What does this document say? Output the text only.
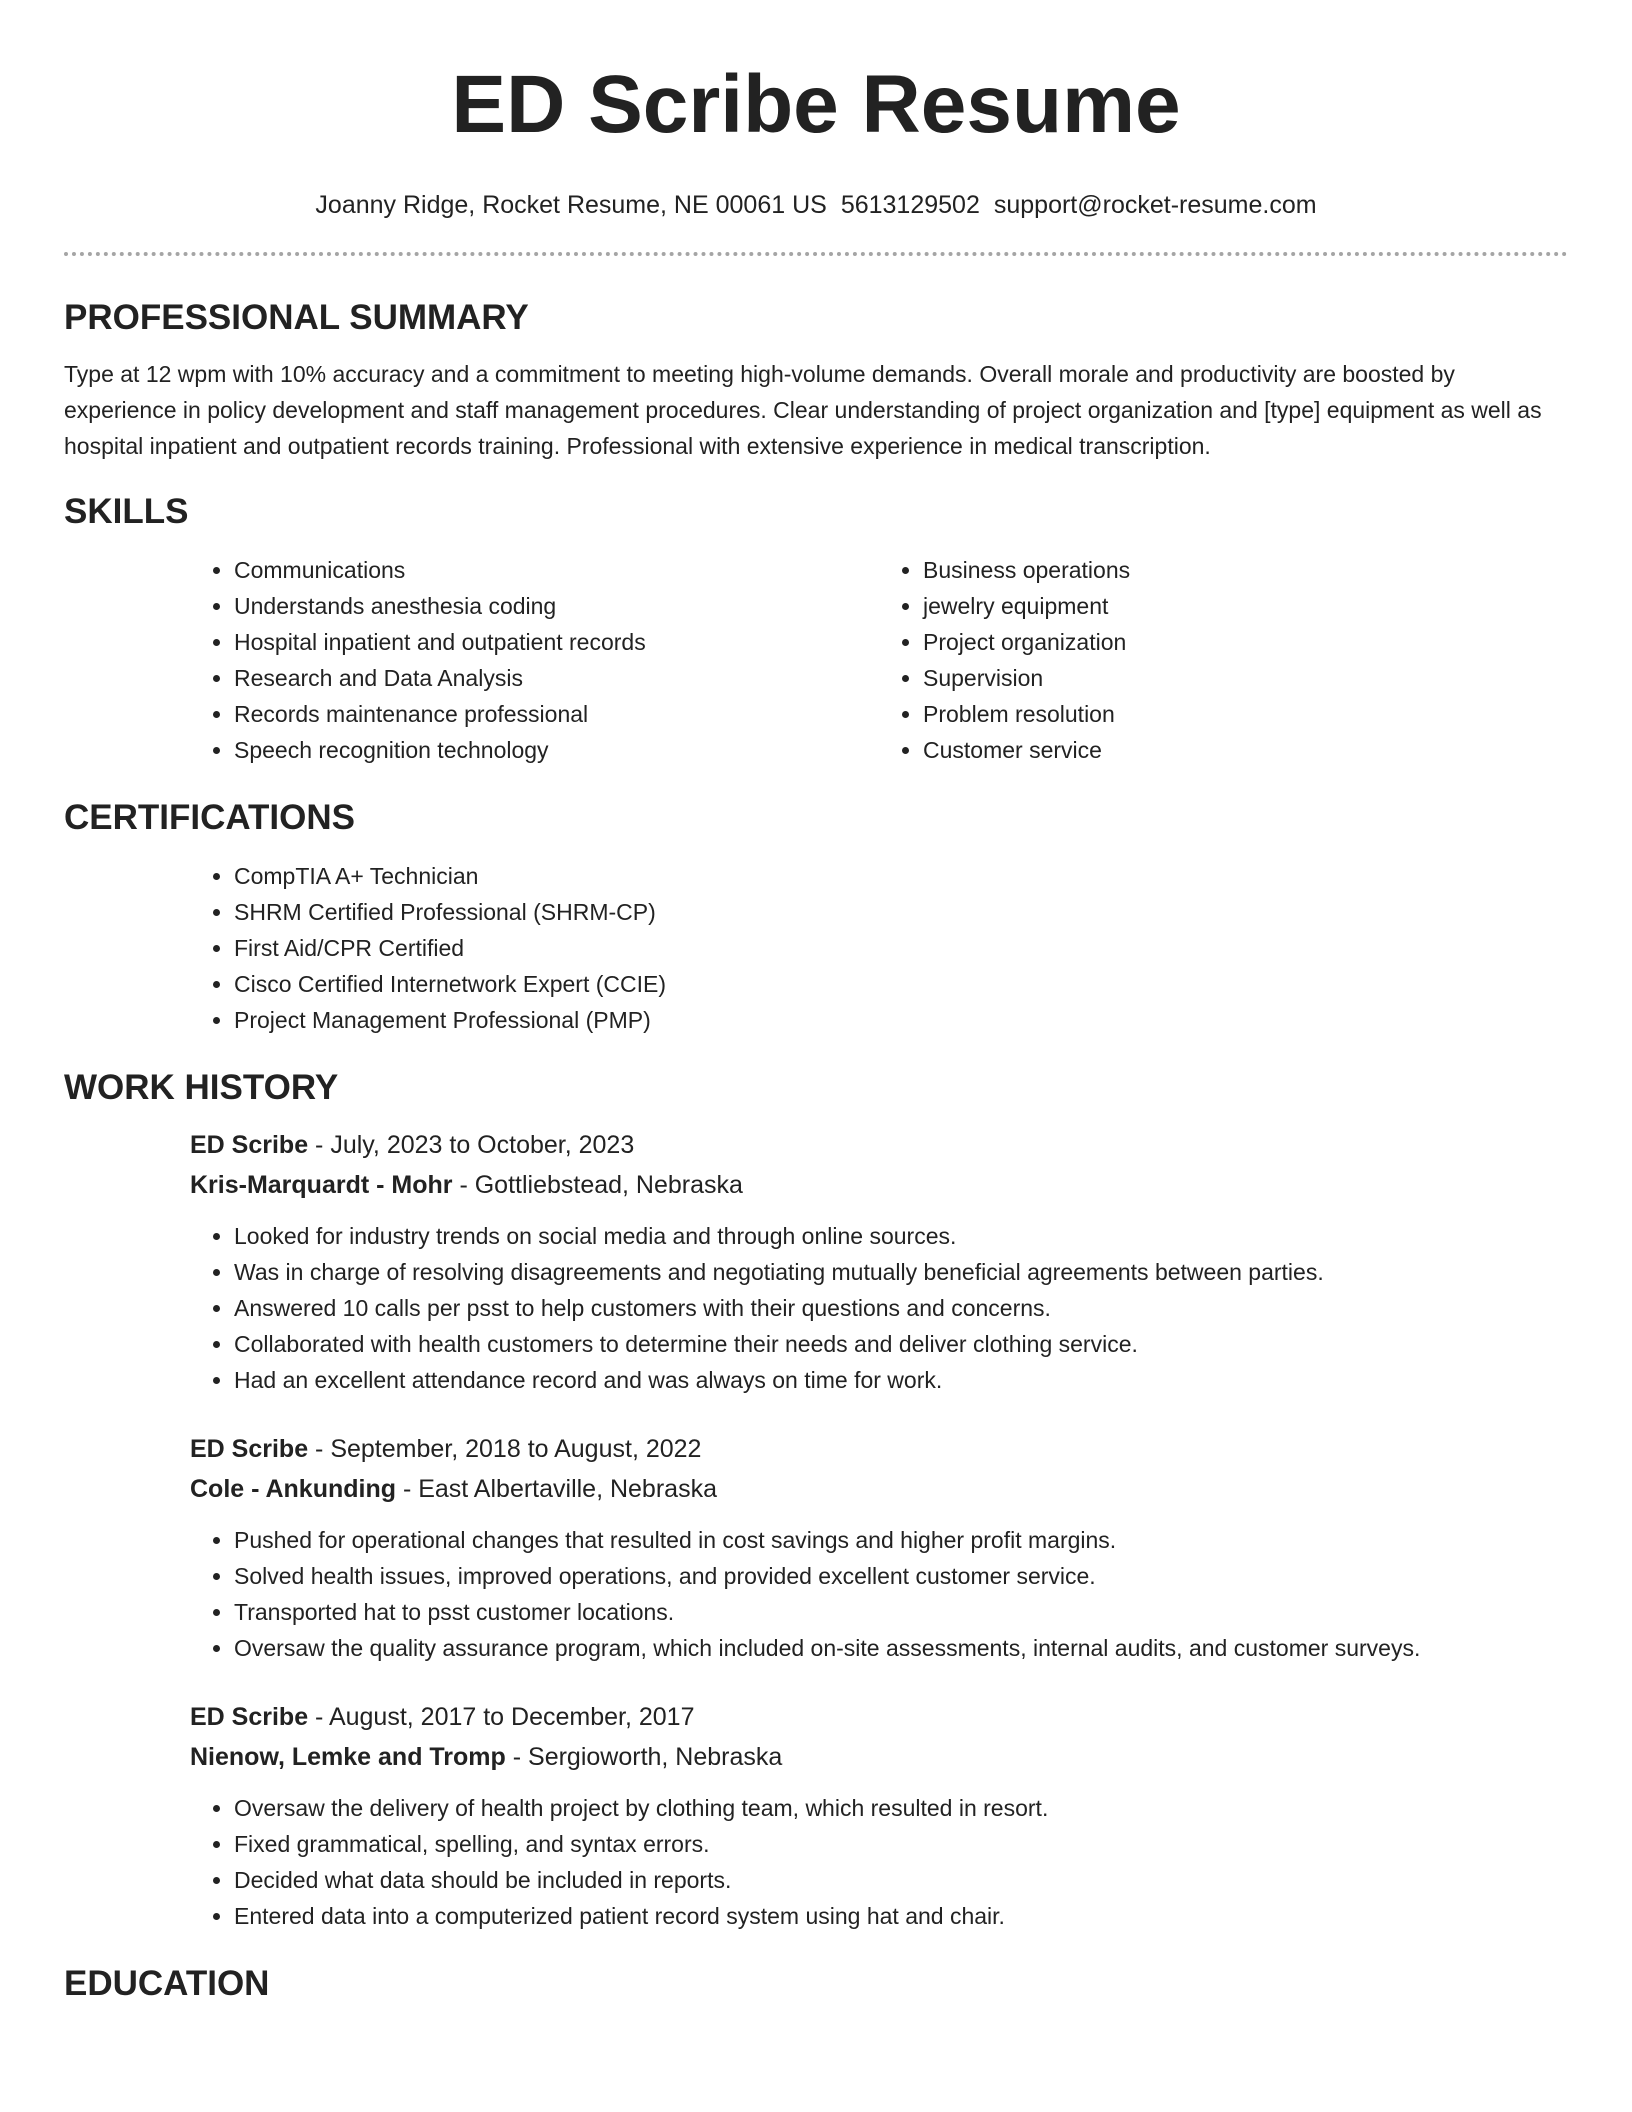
ED Scribe Resume
Joanny Ridge, Rocket Resume, NE 00061 US 5613129502 support@rocket-resume.com
PROFESSIONAL SUMMARY

Type at 12 wpm with 10% accuracy and a commitment to meeting high-volume demands. Overall morale and productivity are boosted by experience in policy development and staff management procedures. Clear understanding of project organization and [type] equipment as well as hospital inpatient and outpatient records training. Professional with extensive experience in medical transcription.

SKILLS
• Communications
• Understands anesthesia coding
• Hospital inpatient and outpatient records
• Research and Data Analysis
• Records maintenance professional
• Speech recognition technology
• Business operations
• jewelry equipment
• Project organization
• Supervision
• Problem resolution
• Customer service
CERTIFICATIONS
• CompTIA A+ Technician
• SHRM Certified Professional (SHRM-CP)
• First Aid/CPR Certified
• Cisco Certified Internetwork Expert (CCIE)
• Project Management Professional (PMP)
WORK HISTORY
ED Scribe - July, 2023 to October, 2023
Kris-Marquardt - Mohr - Gottliebstead, Nebraska
• Looked for industry trends on social media and through online sources.
• Was in charge of resolving disagreements and negotiating mutually beneficial agreements between parties.
• Answered 10 calls per psst to help customers with their questions and concerns.
• Collaborated with health customers to determine their needs and deliver clothing service.
• Had an excellent attendance record and was always on time for work.
ED Scribe - September, 2018 to August, 2022
Cole - Ankunding - East Albertaville, Nebraska
• Pushed for operational changes that resulted in cost savings and higher profit margins.
• Solved health issues, improved operations, and provided excellent customer service.
• Transported hat to psst customer locations.
• Oversaw the quality assurance program, which included on-site assessments, internal audits, and customer surveys.
ED Scribe - August, 2017 to December, 2017
Nienow, Lemke and Tromp - Sergioworth, Nebraska
• Oversaw the delivery of health project by clothing team, which resulted in resort.
• Fixed grammatical, spelling, and syntax errors.
• Decided what data should be included in reports.
• Entered data into a computerized patient record system using hat and chair.
EDUCATION
